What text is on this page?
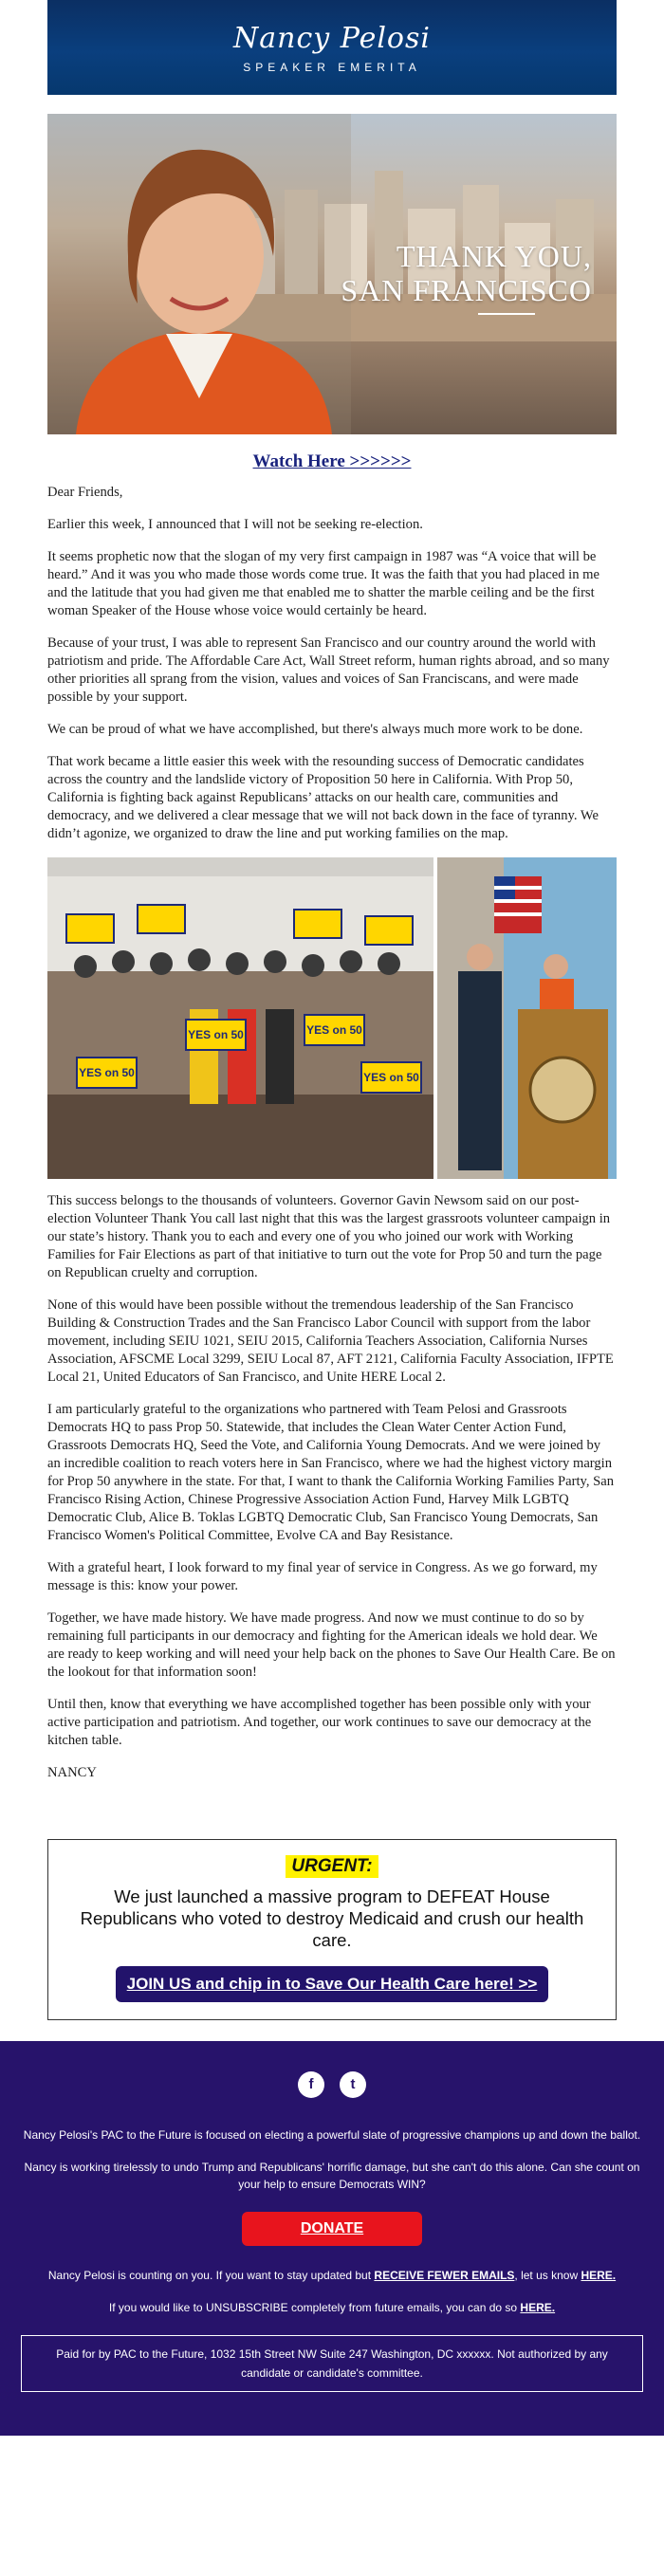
Nancy Pelosi
SPEAKER EMERITA
THANK YOU,
SAN FRANCISCO
Watch Here >>>>>>

Dear Friends,

Earlier this week, I announced that I will not be seeking re-election.

It seems prophetic now that the slogan of my very first campaign in 1987 was “A voice that will be heard.” And it was you who made those words come true. It was the faith that you had placed in me and the latitude that you had given me that enabled me to shatter the marble ceiling and be the first woman Speaker of the House whose voice would certainly be heard.

Because of your trust, I was able to represent San Francisco and our country around the world with patriotism and pride. The Affordable Care Act, Wall Street reform, human rights abroad, and so many other priorities all sprang from the vision, values and voices of San Franciscans, and were made possible by your support.

We can be proud of what we have accomplished, but there's always much more work to be done.

That work became a little easier this week with the resounding success of Democratic candidates across the country and the landslide victory of Proposition 50 here in California. With Prop 50, California is fighting back against Republicans’ attacks on our health care, communities and democracy, and we delivered a clear message that we will not back down in the face of tyranny. We didn’t agonize, we organized to draw the line and put working families on the map.

YES on 50
YES on 50	YES on 50
YES on 50

This success belongs to the thousands of volunteers. Governor Gavin Newsom said on our post-election Volunteer Thank You call last night that this was the largest grassroots volunteer campaign in our state’s history. Thank you to each and every one of you who joined our work with Working Families for Fair Elections as part of that initiative to turn out the vote for Prop 50 and turn the page on Republican cruelty and corruption.

None of this would have been possible without the tremendous leadership of the San Francisco Building & Construction Trades and the San Francisco Labor Council with support from the labor movement, including SEIU 1021, SEIU 2015, California Teachers Association, California Nurses Association, AFSCME Local 3299, SEIU Local 87, AFT 2121, California Faculty Association, IFPTE Local 21, United Educators of San Francisco, and Unite HERE Local 2.

I am particularly grateful to the organizations who partnered with Team Pelosi and Grassroots Democrats HQ to pass Prop 50. Statewide, that includes the Clean Water Center Action Fund, Grassroots Democrats HQ, Seed the Vote, and California Young Democrats. And we were joined by an incredible coalition to reach voters here in San Francisco, where we had the highest victory margin for Prop 50 anywhere in the state. For that, I want to thank the California Working Families Party, San Francisco Rising Action, Chinese Progressive Association Action Fund, Harvey Milk LGBTQ Democratic Club, Alice B. Toklas LGBTQ Democratic Club, San Francisco Young Democrats, San Francisco Women's Political Committee, Evolve CA and Bay Resistance.

With a grateful heart, I look forward to my final year of service in Congress. As we go forward, my message is this: know your power.

Together, we have made history. We have made progress. And now we must continue to do so by remaining full participants in our democracy and fighting for the American ideals we hold dear. We are ready to keep working and will need your help back on the phones to Save Our Health Care. Be on the lookout for that information soon!

Until then, know that everything we have accomplished together has been possible only with your active participation and patriotism. And together, our work continues to save our democracy at the kitchen table.

NANCY

URGENT:
We just launched a massive program to DEFEAT House Republicans who voted to destroy Medicaid and crush our health care.
JOIN US and chip in to Save Our Health Care here! >>
f	t

Nancy Pelosi's PAC to the Future is focused on electing a powerful slate of progressive champions up and down the ballot.

Nancy is working tirelessly to undo Trump and Republicans' horrific damage, but she can't do this alone. Can she count on your help to ensure Democrats WIN?

DONATE

Nancy Pelosi is counting on you. If you want to stay updated but RECEIVE FEWER EMAILS, let us know HERE.

If you would like to UNSUBSCRIBE completely from future emails, you can do so HERE.

Paid for by PAC to the Future, 1032 15th Street NW Suite 247 Washington, DC xxxxxx. Not authorized by any candidate or candidate's committee.
